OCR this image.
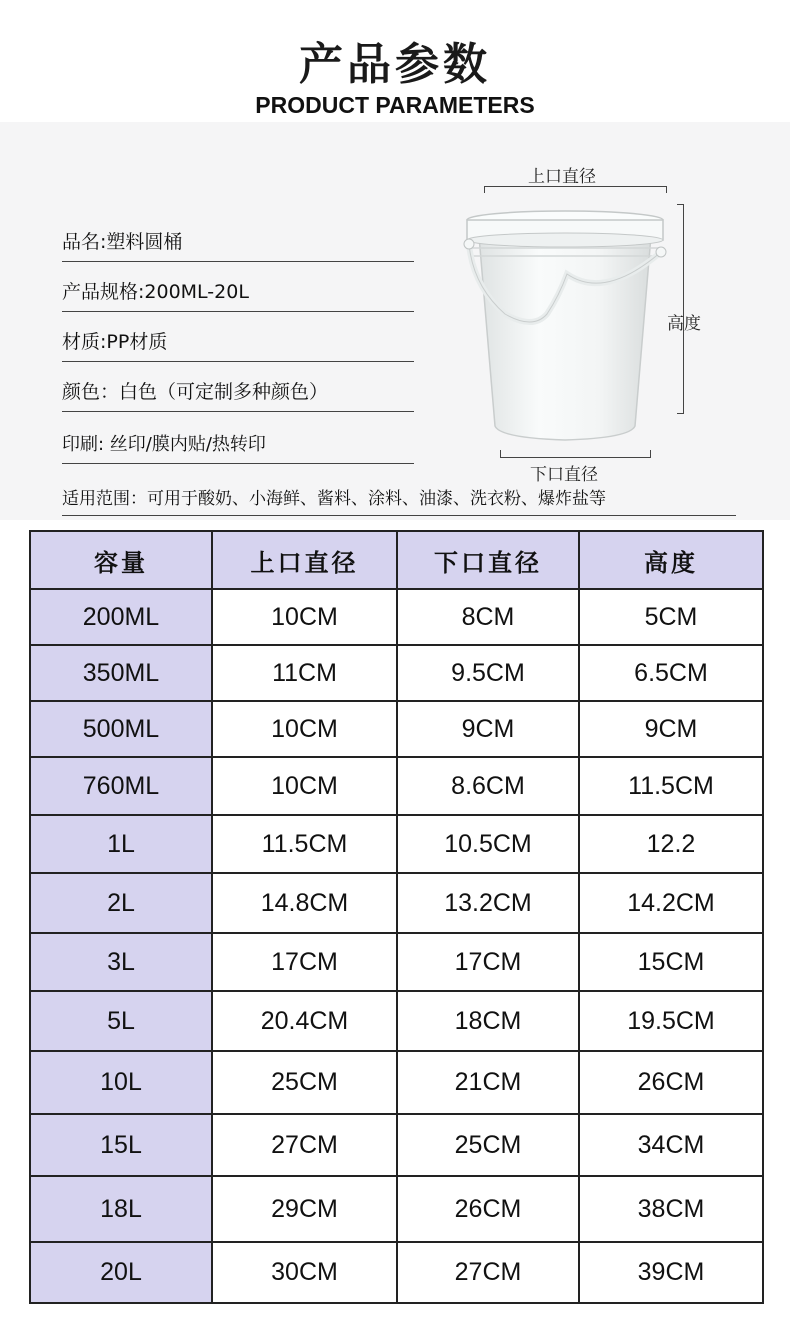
产品参数
PRODUCT PARAMETERS
品名:塑料圆桶
产品规格:200ML-20L
材质:PP材质
颜色：白色（可定制多种颜色）
印刷: 丝印/膜内贴/热转印
适用范围：可用于酸奶、小海鲜、酱料、涂料、油漆、洗衣粉、爆炸盐等
上口直径
高度
下口直径
容量	上口直径	下口直径	高度
200ML	10CM	8CM	5CM
350ML	11CM	9.5CM	6.5CM
500ML	10CM	9CM	9CM
760ML	10CM	8.6CM	11.5CM
1L	11.5CM	10.5CM	12.2
2L	14.8CM	13.2CM	14.2CM
3L	17CM	17CM	15CM
5L	20.4CM	18CM	19.5CM
10L	25CM	21CM	26CM
15L	27CM	25CM	34CM
18L	29CM	26CM	38CM
20L	30CM	27CM	39CM
